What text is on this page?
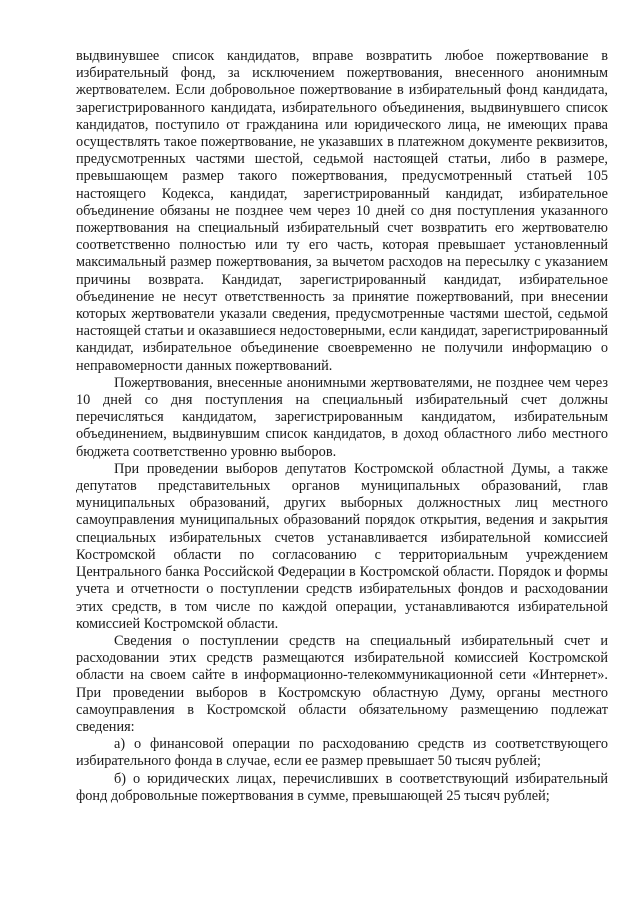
выдвинувшее список кандидатов, вправе возвратить любое пожертвование в избирательный фонд, за исключением пожертвования, внесенного анонимным жертвователем. Если добровольное пожертвование в избирательный фонд кандидата, зарегистрированного кандидата, избирательного объединения, выдвинувшего список кандидатов, поступило от гражданина или юридического лица, не имеющих права осуществлять такое пожертвование, не указавших в платежном документе реквизитов, предусмотренных частями шестой, седьмой настоящей статьи, либо в размере, превышающем размер такого пожертвования, предусмотренный статьей 105 настоящего Кодекса, кандидат, зарегистрированный кандидат, избирательное объединение обязаны не позднее чем через 10 дней со дня поступления указанного пожертвования на специальный избирательный счет возвратить его жертвователю соответственно полностью или ту его часть, которая превышает установленный максимальный размер пожертвования, за вычетом расходов на пересылку с указанием причины возврата. Кандидат, зарегистрированный кандидат, избирательное объединение не несут ответственность за принятие пожертвований, при внесении которых жертвователи указали сведения, предусмотренные частями шестой, седьмой настоящей статьи и оказавшиеся недостоверными, если кандидат, зарегистрированный кандидат, избирательное объединение своевременно не получили информацию о неправомерности данных пожертвований.

Пожертвования, внесенные анонимными жертвователями, не позднее чем через 10 дней со дня поступления на специальный избирательный счет должны перечисляться кандидатом, зарегистрированным кандидатом, избирательным объединением, выдвинувшим список кандидатов, в доход областного либо местного бюджета соответственно уровню выборов.

При проведении выборов депутатов Костромской областной Думы, а также депутатов представительных органов муниципальных образований, глав муниципальных образований, других выборных должностных лиц местного самоуправления муниципальных образований порядок открытия, ведения и закрытия специальных избирательных счетов устанавливается избирательной комиссией Костромской области по согласованию с территориальным учреждением Центрального банка Российской Федерации в Костромской области. Порядок и формы учета и отчетности о поступлении средств избирательных фондов и расходовании этих средств, в том числе по каждой операции, устанавливаются избирательной комиссией Костромской области.

Сведения о поступлении средств на специальный избирательный счет и расходовании этих средств размещаются избирательной комиссией Костромской области на своем сайте в информационно-телекоммуникационной сети «Интернет». При проведении выборов в Костромскую областную Думу, органы местного самоуправления в Костромской области обязательному размещению подлежат сведения:

а) о финансовой операции по расходованию средств из соответствующего избирательного фонда в случае, если ее размер превышает 50 тысяч рублей;

б) о юридических лицах, перечисливших в соответствующий избирательный фонд добровольные пожертвования в сумме, превышающей 25 тысяч рублей;
